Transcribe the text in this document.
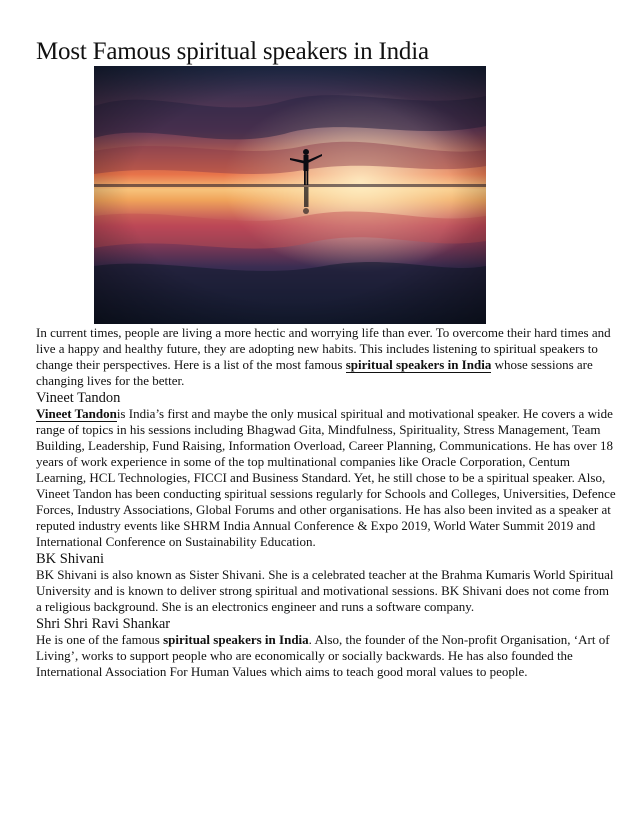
Most Famous spiritual speakers in India

In current times, people are living a more hectic and worrying life than ever. To overcome their hard times and live a happy and healthy future, they are adopting new habits. This includes listening to spiritual speakers to change their perspectives. Here is a list of the most famous spiritual speakers in India whose sessions are changing lives for the better.

Vineet Tandon

Vineet Tandonis India’s first and maybe the only musical spiritual and motivational speaker. He covers a wide range of topics in his sessions including Bhagwad Gita, Mindfulness, Spirituality, Stress Management, Team Building, Leadership, Fund Raising, Information Overload, Career Planning, Communications. He has over 18 years of work experience in some of the top multinational companies like Oracle Corporation, Centum Learning, HCL Technologies, FICCI and Business Standard. Yet, he still chose to be a spiritual speaker. Also, Vineet Tandon has been conducting spiritual sessions regularly for Schools and Colleges, Universities, Defence Forces, Industry Associations, Global Forums and other organisations. He has also been invited as a speaker at reputed industry events like SHRM India Annual Conference & Expo 2019, World Water Summit 2019 and International Conference on Sustainability Education.

BK Shivani

BK Shivani is also known as Sister Shivani. She is a celebrated teacher at the Brahma Kumaris World Spiritual University and is known to deliver strong spiritual and motivational sessions. BK Shivani does not come from a religious background. She is an electronics engineer and runs a software company.

Shri Shri Ravi Shankar

He is one of the famous spiritual speakers in India. Also, the founder of the Non-profit Organisation, ‘Art of Living’, works to support people who are economically or socially backwards. He has also founded the International Association For Human Values which aims to teach good moral values to people.
